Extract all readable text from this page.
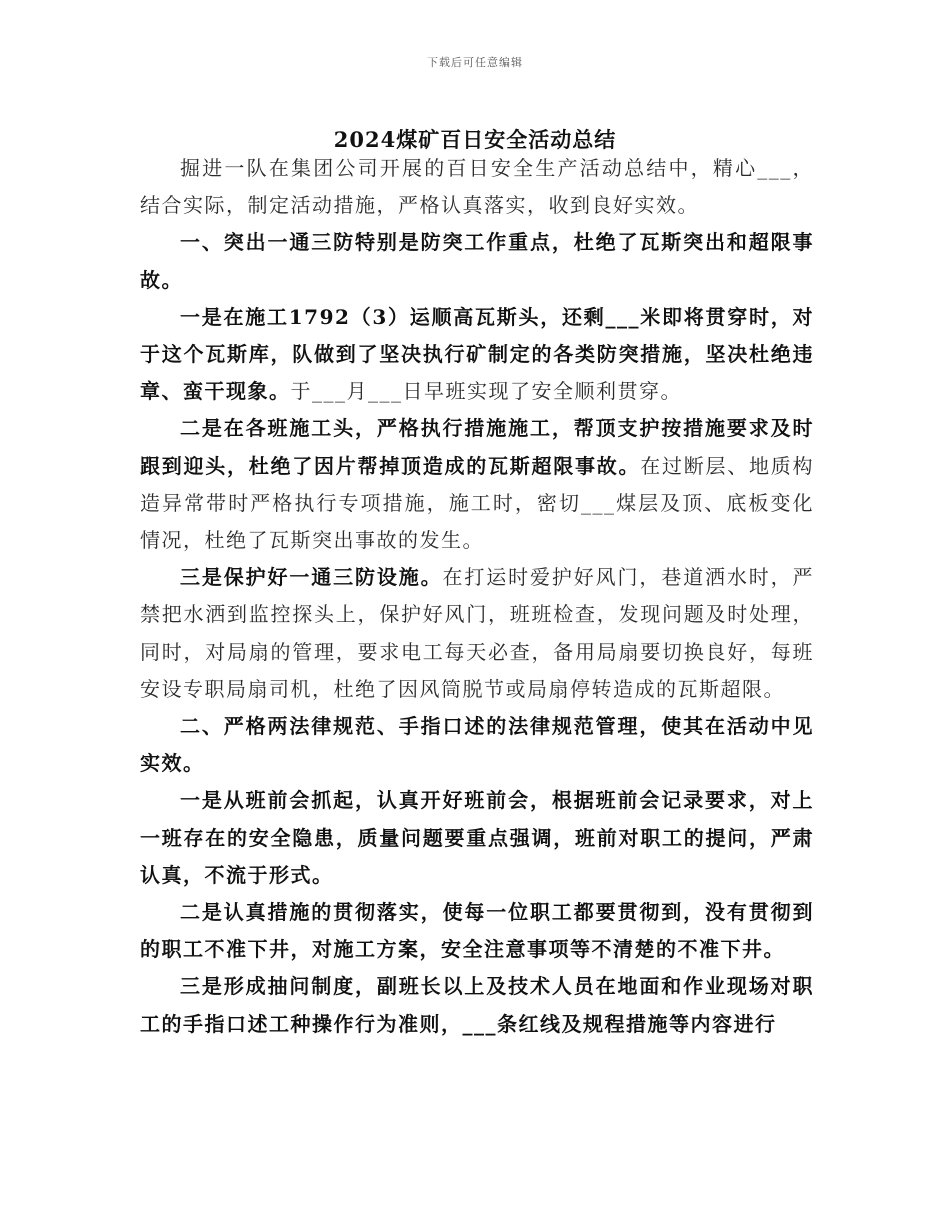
下载后可任意编辑
2024煤矿百日安全活动总结

掘进一队在集团公司开展的百日安全生产活动总结中，精心___，结合实际，制定活动措施，严格认真落实，收到良好实效。

一、突出一通三防特别是防突工作重点，杜绝了瓦斯突出和超限事故。

一是在施工1792（3）运顺高瓦斯头，还剩___米即将贯穿时，对于这个瓦斯库，队做到了坚决执行矿制定的各类防突措施，坚决杜绝违章、蛮干现象。于___月___日早班实现了安全顺利贯穿。

二是在各班施工头，严格执行措施施工，帮顶支护按措施要求及时跟到迎头，杜绝了因片帮掉顶造成的瓦斯超限事故。在过断层、地质构造异常带时严格执行专项措施，施工时，密切___煤层及顶、底板变化情况，杜绝了瓦斯突出事故的发生。

三是保护好一通三防设施。在打运时爱护好风门，巷道洒水时，严禁把水洒到监控探头上，保护好风门，班班检查，发现问题及时处理，同时，对局扇的管理，要求电工每天必查，备用局扇要切换良好，每班安设专职局扇司机，杜绝了因风筒脱节或局扇停转造成的瓦斯超限。

二、严格两法律规范、手指口述的法律规范管理，使其在活动中见实效。

一是从班前会抓起，认真开好班前会，根据班前会记录要求，对上一班存在的安全隐患，质量问题要重点强调，班前对职工的提问，严肃认真，不流于形式。

二是认真措施的贯彻落实，使每一位职工都要贯彻到，没有贯彻到的职工不准下井，对施工方案，安全注意事项等不清楚的不准下井。

三是形成抽问制度，副班长以上及技术人员在地面和作业现场对职工的手指口述工种操作行为准则，___条红线及规程措施等内容进行
